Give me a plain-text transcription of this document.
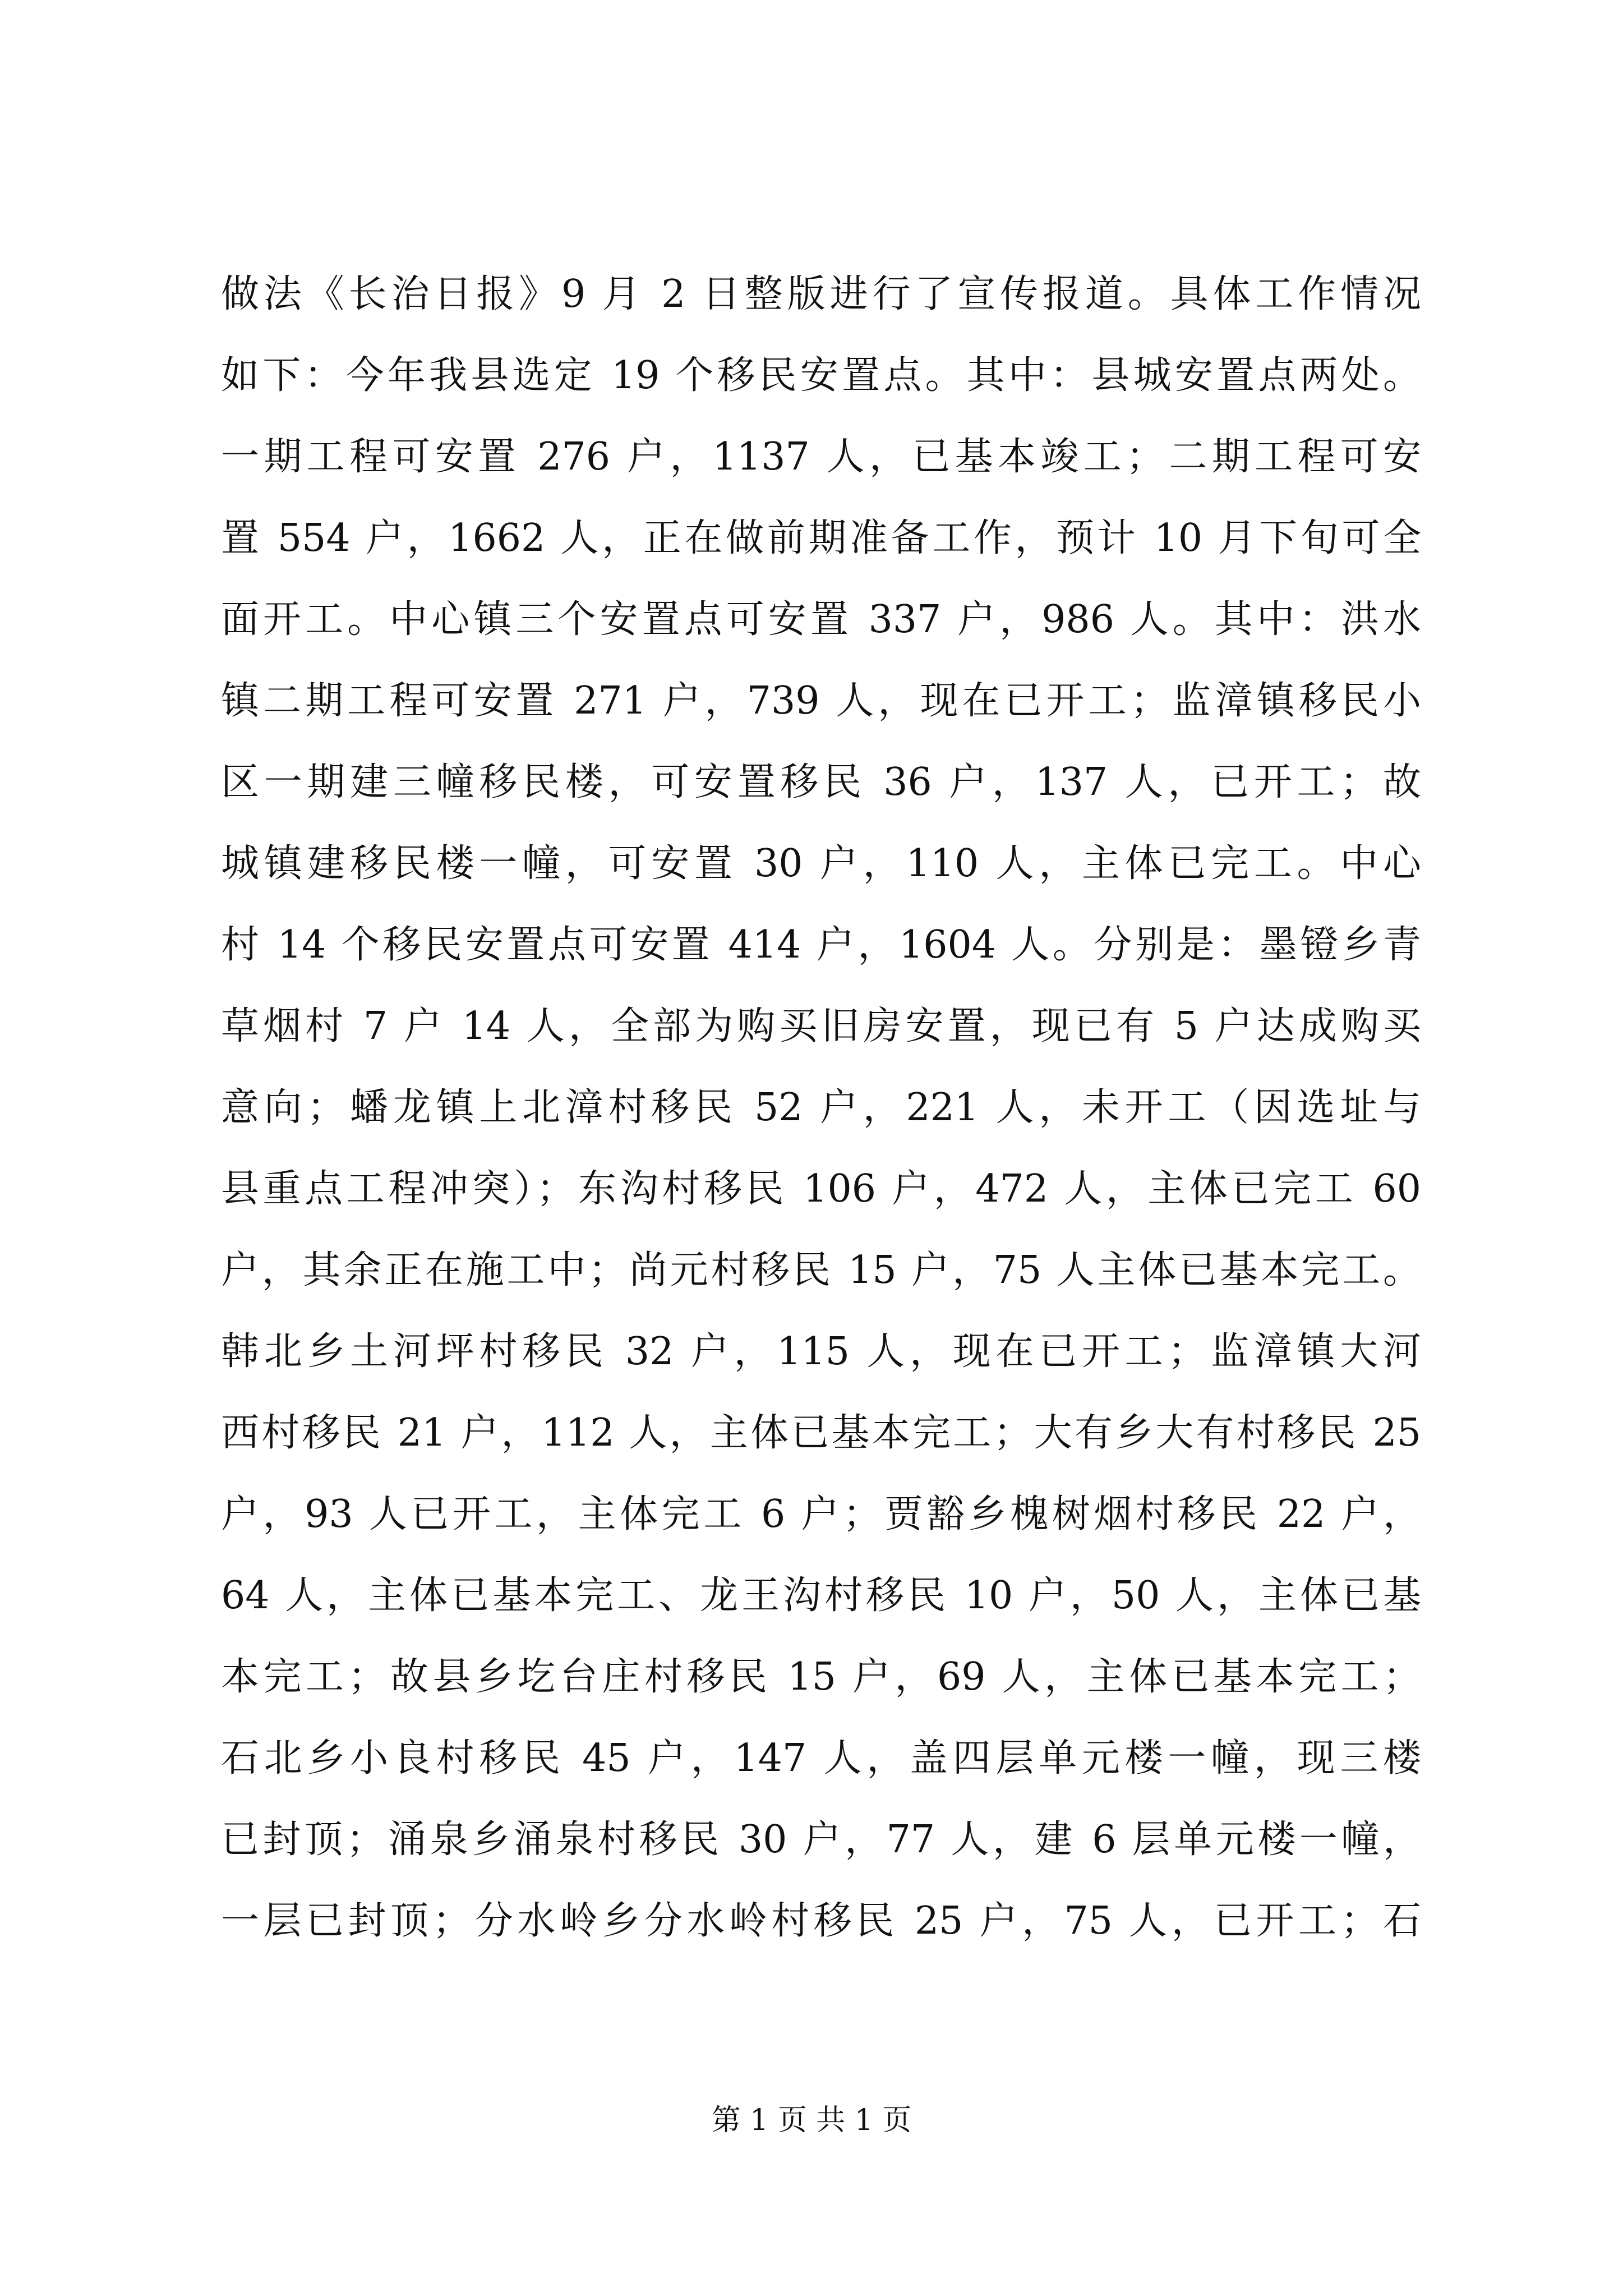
做法《长治日报》9 月 2 日整版进行了宣传报道。具体工作情况
如下：今年我县选定 19 个移民安置点。其中：县城安置点两处。
一期工程可安置 276 户，1137 人，已基本竣工；二期工程可安
置 554 户，1662 人，正在做前期准备工作，预计 10 月下旬可全
面开工。中心镇三个安置点可安置 337 户，986 人。其中：洪水
镇二期工程可安置 271 户，739 人，现在已开工；监漳镇移民小
区一期建三幢移民楼，可安置移民 36 户，137 人，已开工；故
城镇建移民楼一幢，可安置 30 户，110 人，主体已完工。中心
村 14 个移民安置点可安置 414 户，1604 人。分别是：墨镫乡青
草烟村 7 户 14 人，全部为购买旧房安置，现已有 5 户达成购买
意向；蟠龙镇上北漳村移民 52 户，221 人，未开工（因选址与
县重点工程冲突）；东沟村移民 106 户，472 人，主体已完工 60
户，其余正在施工中；尚元村移民 15 户，75 人主体已基本完工。
韩北乡土河坪村移民 32 户，115 人，现在已开工；监漳镇大河
西村移民 21 户，112 人，主体已基本完工；大有乡大有村移民 25
户，93 人已开工，主体完工 6 户；贾豁乡槐树烟村移民 22 户，
64 人，主体已基本完工、龙王沟村移民 10 户，50 人，主体已基
本完工；故县乡圪台庄村移民 15 户，69 人，主体已基本完工；
石北乡小良村移民 45 户，147 人，盖四层单元楼一幢，现三楼
已封顶；涌泉乡涌泉村移民 30 户，77 人，建 6 层单元楼一幢，
一层已封顶；分水岭乡分水岭村移民 25 户，75 人，已开工；石
第 1 页 共 1 页
